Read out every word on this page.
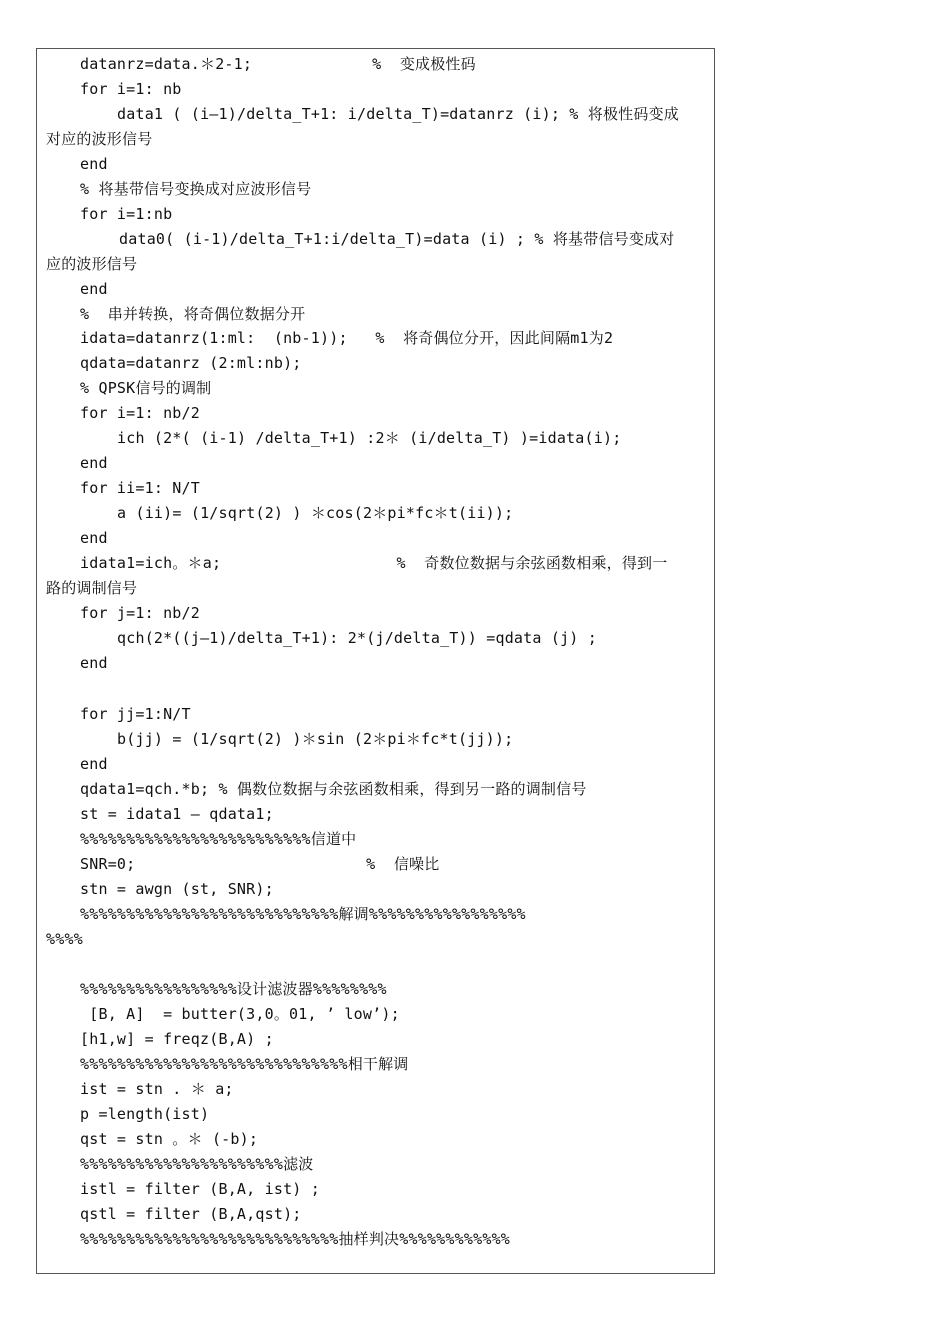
datanrz=data.＊2-1;             %  变成极性码
for i=1: nb
data1 ( (i—1)/delta_T+1: i/delta_T)=datanrz (i); % 将极性码变成
对应的波形信号
end
% 将基带信号变换成对应波形信号
for i=1:nb
data0( (i-1)/delta_T+1:i/delta_T)=data (i) ; % 将基带信号变成对
应的波形信号
end
%  串并转换，将奇偶位数据分开
idata=datanrz(1:ml:  (nb-1));   %  将奇偶位分开，因此间隔m1为2
qdata=datanrz (2:ml:nb);
% QPSK信号的调制
for i=1: nb/2
ich (2*( (i-1) /delta_T+1) :2＊ (i/delta_T) )=idata(i);
end
for ii=1: N/T
a (ii)= (1/sqrt(2) ) ＊cos(2＊pi*fc＊t(ii));
end
idata1=ich。＊a;                   %  奇数位数据与余弦函数相乘，得到一
路的调制信号
for j=1: nb/2
qch(2*((j—1)/delta_T+1): 2*(j/delta_T)) =qdata (j) ;
end
for jj=1:N/T
b(jj) = (1/sqrt(2) )＊sin (2＊pi＊fc*t(jj));
end
qdata1=qch.*b; % 偶数位数据与余弦函数相乘，得到另一路的调制信号
st = idata1 — qdata1;
%%%%%%%%%%%%%%%%%%%%%%%%%信道中
SNR=0;                         %  信噪比
stn = awgn (st, SNR);
%%%%%%%%%%%%%%%%%%%%%%%%%%%%解调%%%%%%%%%%%%%%%%%
%%%%
%%%%%%%%%%%%%%%%%设计滤波器%%%%%%%%
[B, A]  = butter(3,0。01, ’ low’);
[h1,w] = freqz(B,A) ;
%%%%%%%%%%%%%%%%%%%%%%%%%%%%%相干解调
ist = stn . ＊ a;
p =length(ist)
qst = stn 。＊ (-b);
%%%%%%%%%%%%%%%%%%%%%%滤波
istl = filter (B,A, ist) ;
qstl = filter (B,A,qst);
%%%%%%%%%%%%%%%%%%%%%%%%%%%%抽样判决%%%%%%%%%%%%
